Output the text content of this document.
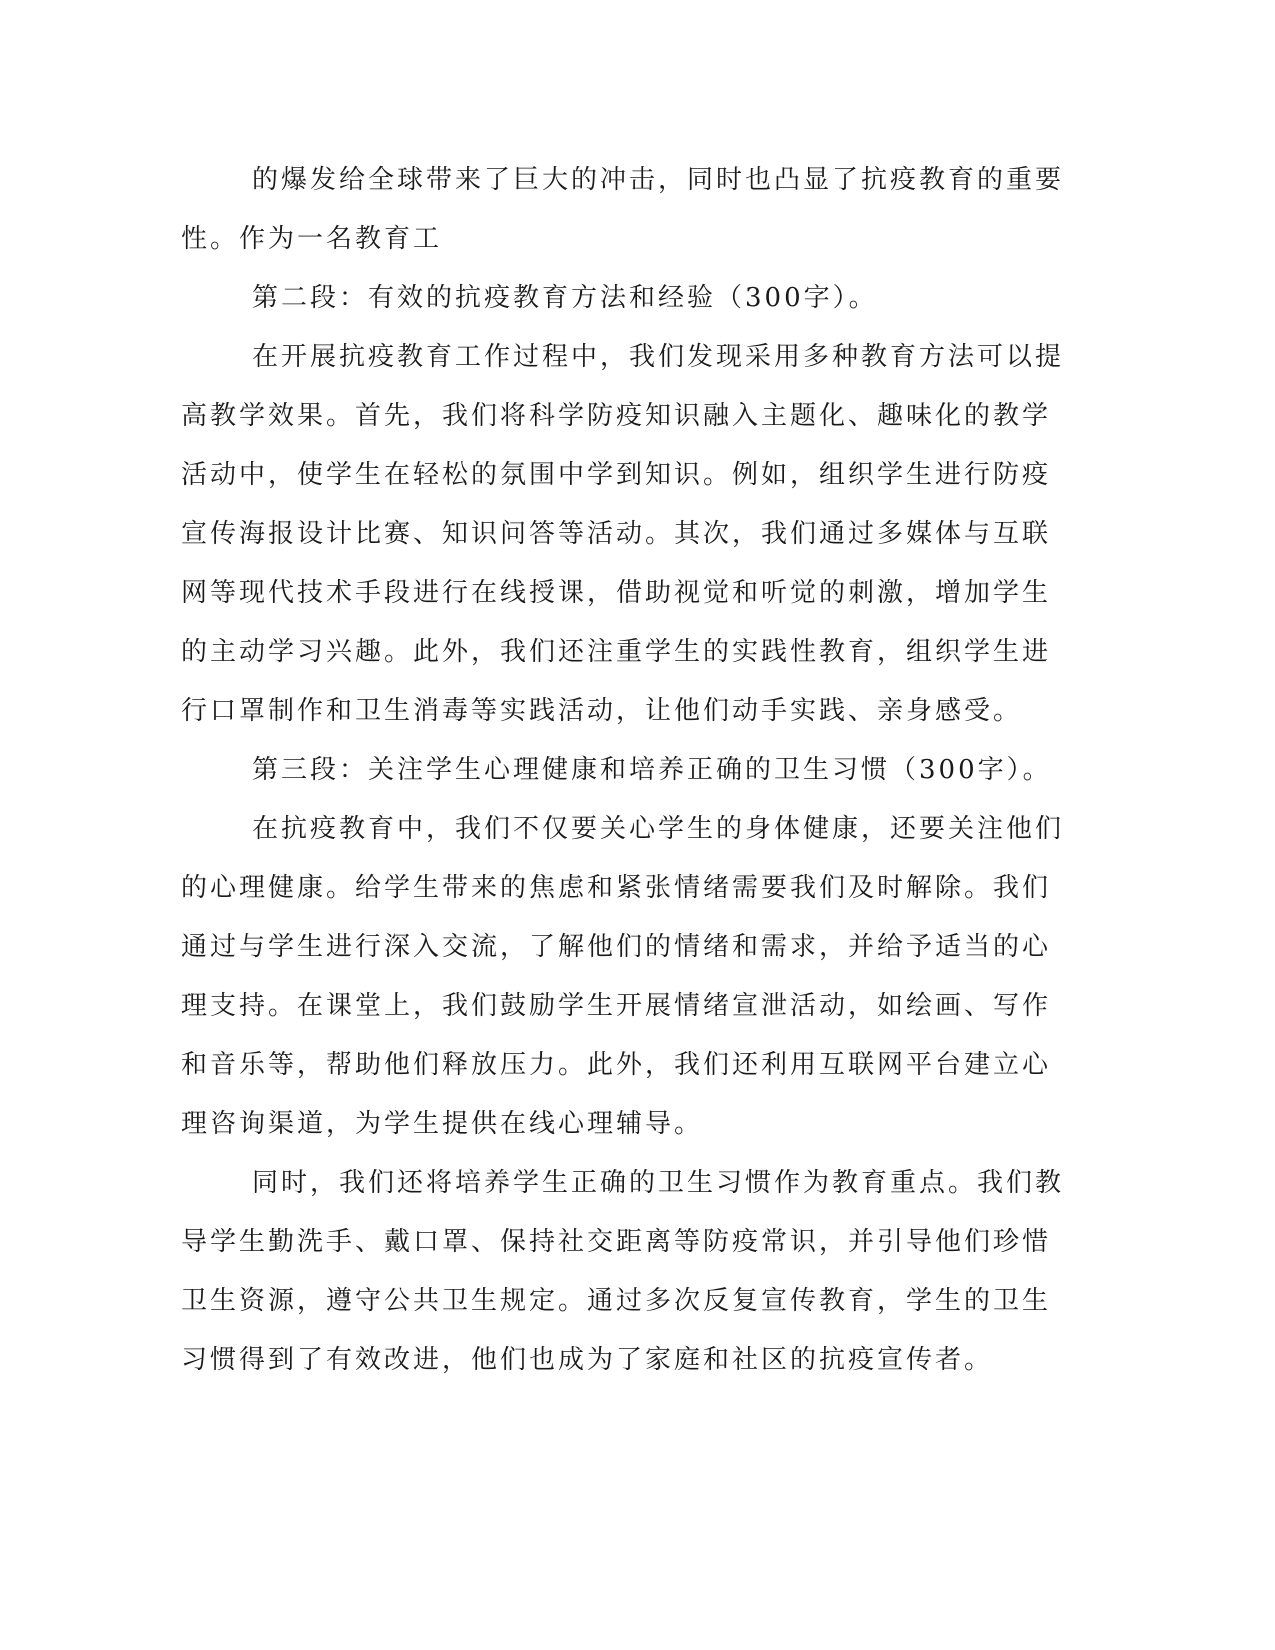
的爆发给全球带来了巨大的冲击，同时也凸显了抗疫教育的重要
性。作为一名教育工
第二段：有效的抗疫教育方法和经验（300字）。
在开展抗疫教育工作过程中，我们发现采用多种教育方法可以提
高教学效果。首先，我们将科学防疫知识融入主题化、趣味化的教学
活动中，使学生在轻松的氛围中学到知识。例如，组织学生进行防疫
宣传海报设计比赛、知识问答等活动。其次，我们通过多媒体与互联
网等现代技术手段进行在线授课，借助视觉和听觉的刺激，增加学生
的主动学习兴趣。此外，我们还注重学生的实践性教育，组织学生进
行口罩制作和卫生消毒等实践活动，让他们动手实践、亲身感受。
第三段：关注学生心理健康和培养正确的卫生习惯（300字）。
在抗疫教育中，我们不仅要关心学生的身体健康，还要关注他们
的心理健康。给学生带来的焦虑和紧张情绪需要我们及时解除。我们
通过与学生进行深入交流，了解他们的情绪和需求，并给予适当的心
理支持。在课堂上，我们鼓励学生开展情绪宣泄活动，如绘画、写作
和音乐等，帮助他们释放压力。此外，我们还利用互联网平台建立心
理咨询渠道，为学生提供在线心理辅导。
同时，我们还将培养学生正确的卫生习惯作为教育重点。我们教
导学生勤洗手、戴口罩、保持社交距离等防疫常识，并引导他们珍惜
卫生资源，遵守公共卫生规定。通过多次反复宣传教育，学生的卫生
习惯得到了有效改进，他们也成为了家庭和社区的抗疫宣传者。
